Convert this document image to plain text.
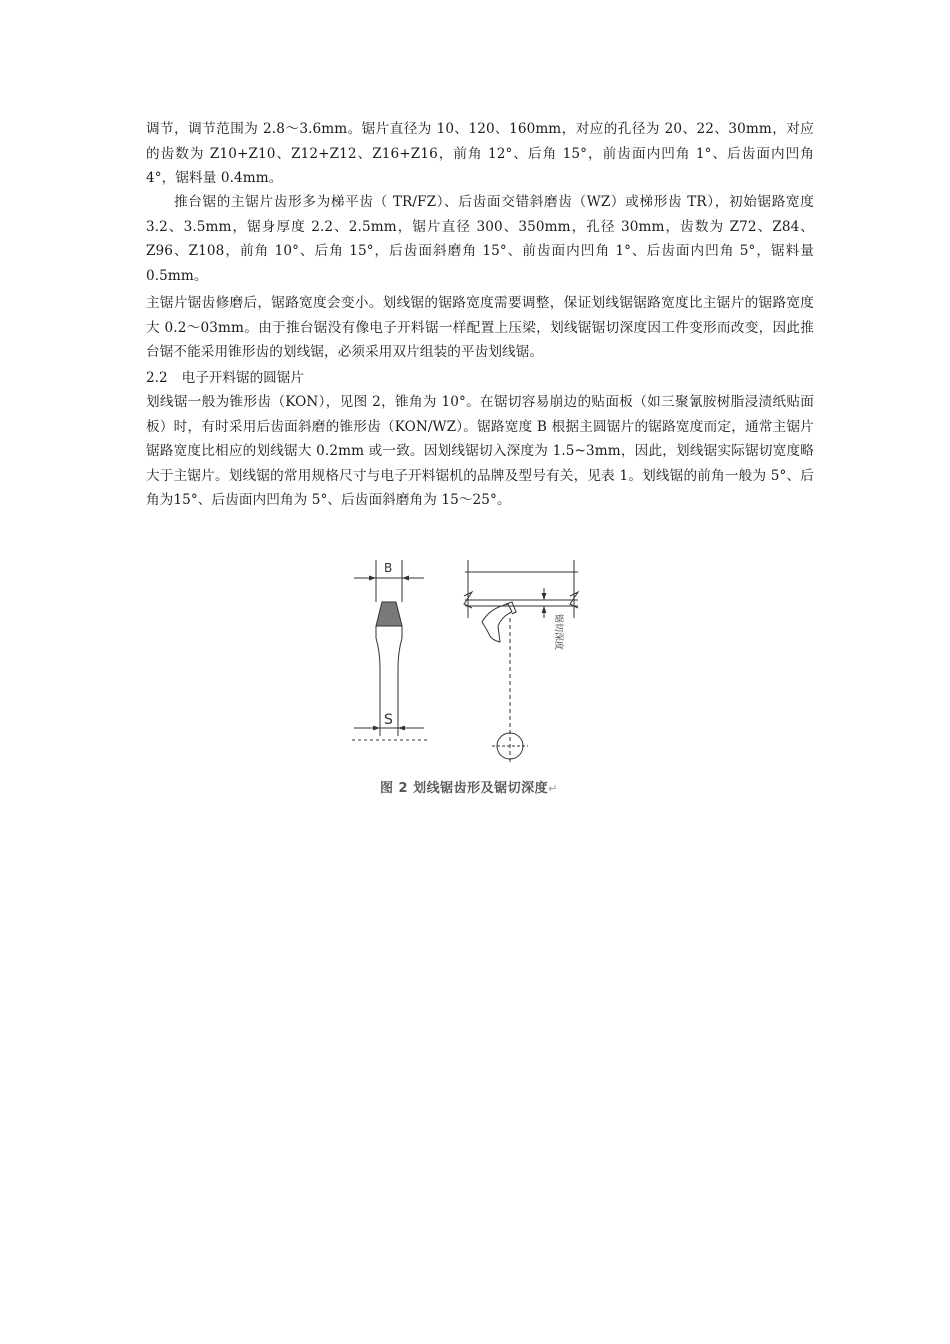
调节，调节范围为 2.8～3.6mm。锯片直径为 10、120、160mm，对应的孔径为 20、22、30mm，对应的齿数为 Z10+Z10、Z12+Z12、Z16+Z16，前角 12°、后角 15°，前齿面内凹角 1°、后齿面内凹角 4°，锯料量 0.4mm。
推台锯的主锯片齿形多为梯平齿（ TR/FZ）、后齿面交错斜磨齿（WZ）或梯形齿 TR），初始锯路宽度 3.2、3.5mm，锯身厚度 2.2、2.5mm，锯片直径 300、350mm，孔径 30mm，齿数为 Z72、Z84、Z96、Z108，前角 10°、后角 15°，后齿面斜磨角 15°、前齿面内凹角 1°、后齿面内凹角 5°，锯料量 0.5mm。
主锯片锯齿修磨后，锯路宽度会变小。划线锯的锯路宽度需要调整，保证划线锯锯路宽度比主锯片的锯路宽度大 0.2～03mm。由于推台锯没有像电子开料锯一样配置上压梁，划线锯锯切深度因工件变形而改变，因此推台锯不能采用锥形齿的划线锯，必须采用双片组装的平齿划线锯。
2.2 电子开料锯的圆锯片
划线锯一般为锥形齿（KON），见图 2，锥角为 10°。在锯切容易崩边的贴面板（如三聚氰胺树脂浸渍纸贴面板）时，有时采用后齿面斜磨的锥形齿（KON/WZ）。锯路宽度 B 根据主圆锯片的锯路宽度而定，通常主锯片锯路宽度比相应的划线锯大 0.2mm 或一致。因划线锯切入深度为 1.5~3mm，因此，划线锯实际锯切宽度略大于主锯片。划线锯的常用规格尺寸与电子开料锯机的品牌及型号有关，见表 1。划线锯的前角一般为 5°、后角为15°、后齿面内凹角为 5°、后齿面斜磨角为 15～25°。
B
S
锯切深度
图 2 划线锯齿形及锯切深度↵
